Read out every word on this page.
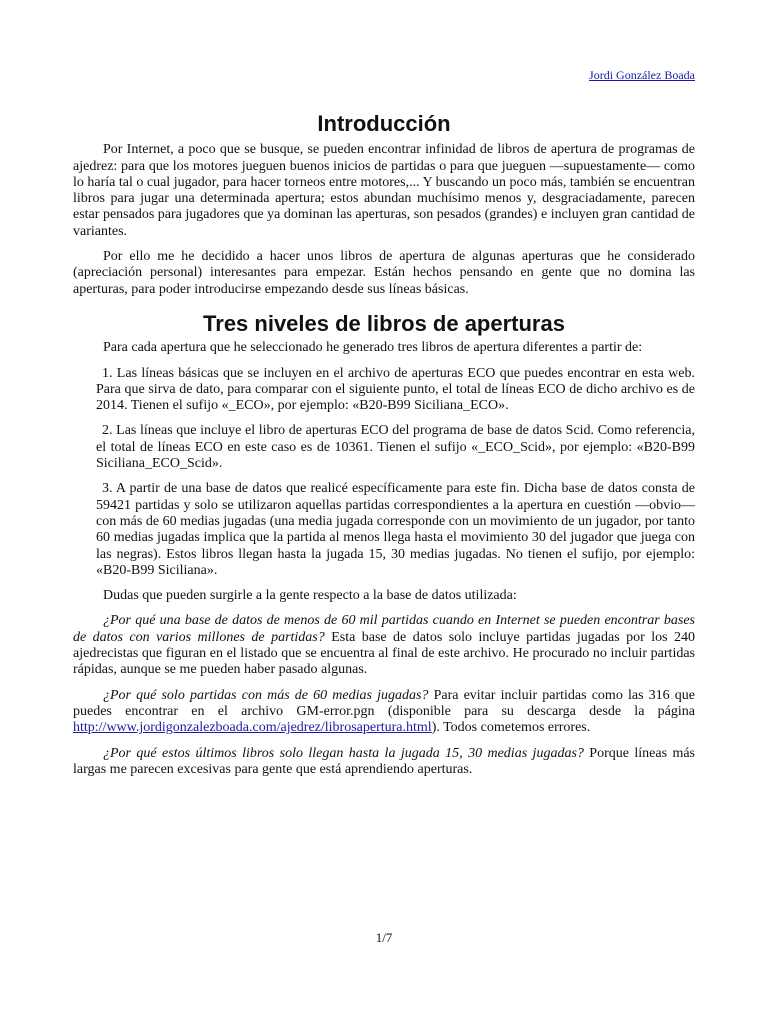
Jordi González Boada
Introducción

Por Internet, a poco que se busque, se pueden encontrar infinidad de libros de apertura de programas de ajedrez: para que los motores jueguen buenos inicios de partidas o para que jueguen —supuestamente— como lo haría tal o cual jugador, para hacer torneos entre motores,... Y buscando un poco más, también se encuentran libros para jugar una determinada apertura; estos abundan muchísimo menos y, desgraciadamente, parecen estar pensados para jugadores que ya dominan las aperturas, son pesados (grandes) e incluyen gran cantidad de variantes.

Por ello me he decidido a hacer unos libros de apertura de algunas aperturas que he considerado (apreciación personal) interesantes para empezar. Están hechos pensando en gente que no domina las aperturas, para poder introducirse empezando desde sus líneas básicas.

Tres niveles de libros de aperturas

Para cada apertura que he seleccionado he generado tres libros de apertura diferentes a partir de:

1. Las líneas básicas que se incluyen en el archivo de aperturas ECO que puedes encontrar en esta web. Para que sirva de dato, para comparar con el siguiente punto, el total de líneas ECO de dicho archivo es de 2014. Tienen el sufijo «_ECO», por ejemplo: «B20-B99 Siciliana_ECO».

2. Las líneas que incluye el libro de aperturas ECO del programa de base de datos Scid. Como referencia, el total de líneas ECO en este caso es de 10361. Tienen el sufijo «_ECO_Scid», por ejemplo: «B20-B99 Siciliana_ECO_Scid».

3. A partir de una base de datos que realicé específicamente para este fin. Dicha base de datos consta de 59421 partidas y solo se utilizaron aquellas partidas correspondientes a la apertura en cuestión —obvio— con más de 60 medias jugadas (una media jugada corresponde con un movimiento de un jugador, por tanto 60 medias jugadas implica que la partida al menos llega hasta el movimiento 30 del jugador que juega con las negras). Estos libros llegan hasta la jugada 15, 30 medias jugadas. No tienen el sufijo, por ejemplo: «B20-B99 Siciliana».

Dudas que pueden surgirle a la gente respecto a la base de datos utilizada:

¿Por qué una base de datos de menos de 60 mil partidas cuando en Internet se pueden encontrar bases de datos con varios millones de partidas? Esta base de datos solo incluye partidas jugadas por los 240 ajedrecistas que figuran en el listado que se encuentra al final de este archivo. He procurado no incluir partidas rápidas, aunque se me pueden haber pasado algunas.

¿Por qué solo partidas con más de 60 medias jugadas? Para evitar incluir partidas como las 316 que puedes encontrar en el archivo GM-error.pgn (disponible para su descarga desde la página http://www.jordigonzalezboada.com/ajedrez/librosapertura.html). Todos cometemos errores.

¿Por qué estos últimos libros solo llegan hasta la jugada 15, 30 medias jugadas? Porque líneas más largas me parecen excesivas para gente que está aprendiendo aperturas.

1/7
